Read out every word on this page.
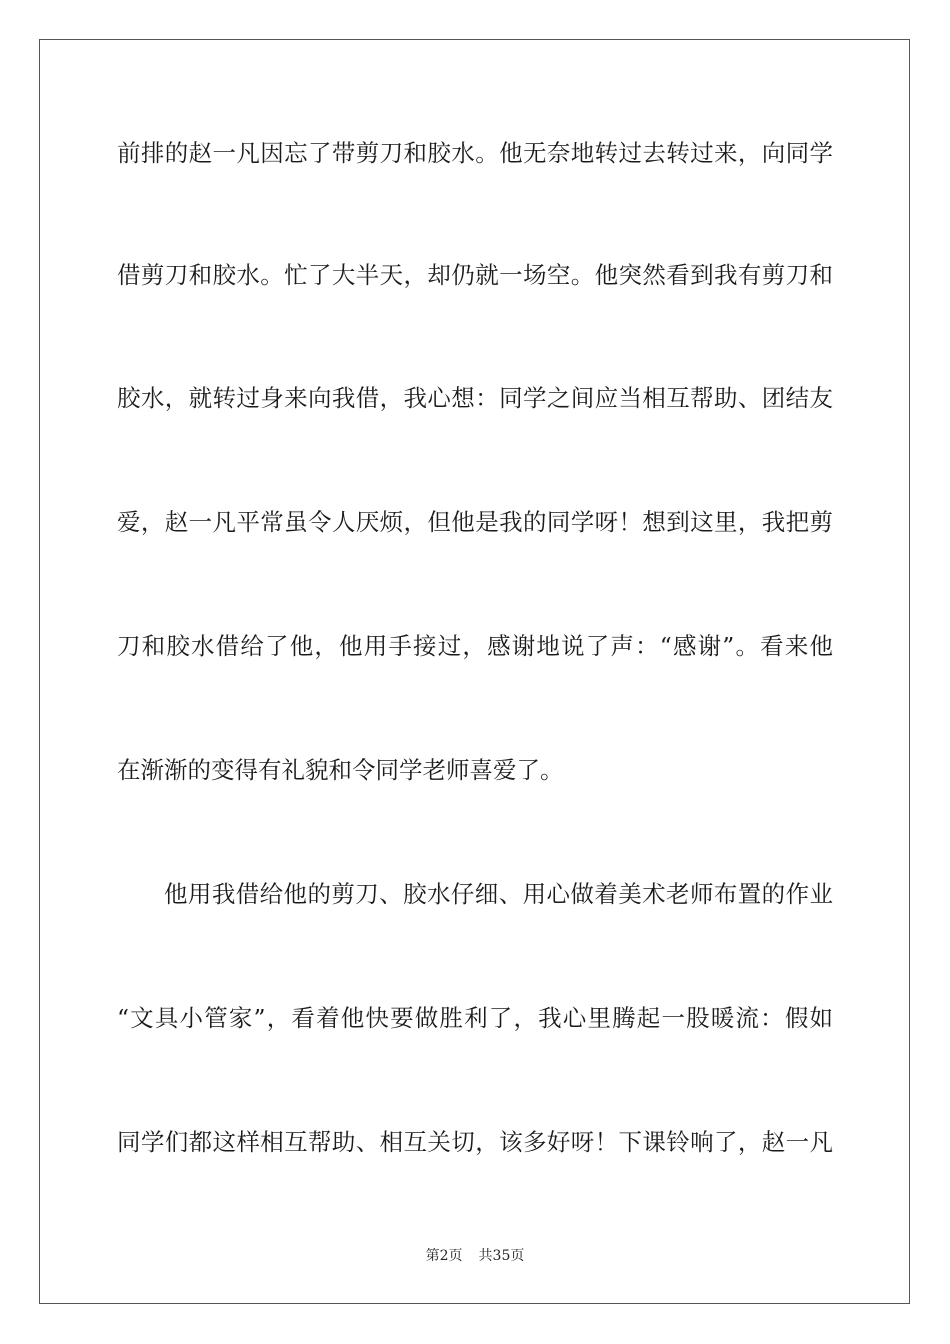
前排的赵一凡因忘了带剪刀和胶水。他无奈地转过去转过来，向同学
借剪刀和胶水。忙了大半天，却仍就一场空。他突然看到我有剪刀和
胶水，就转过身来向我借，我心想：同学之间应当相互帮助、团结友
爱，赵一凡平常虽令人厌烦，但他是我的同学呀！想到这里，我把剪
刀和胶水借给了他，他用手接过，感谢地说了声：“感谢”。看来他
在渐渐的变得有礼貌和令同学老师喜爱了。
他用我借给他的剪刀、胶水仔细、用心做着美术老师布置的作业
“文具小管家”，看着他快要做胜利了，我心里腾起一股暖流：假如
同学们都这样相互帮助、相互关切，该多好呀！下课铃响了，赵一凡
第2页 共35页
